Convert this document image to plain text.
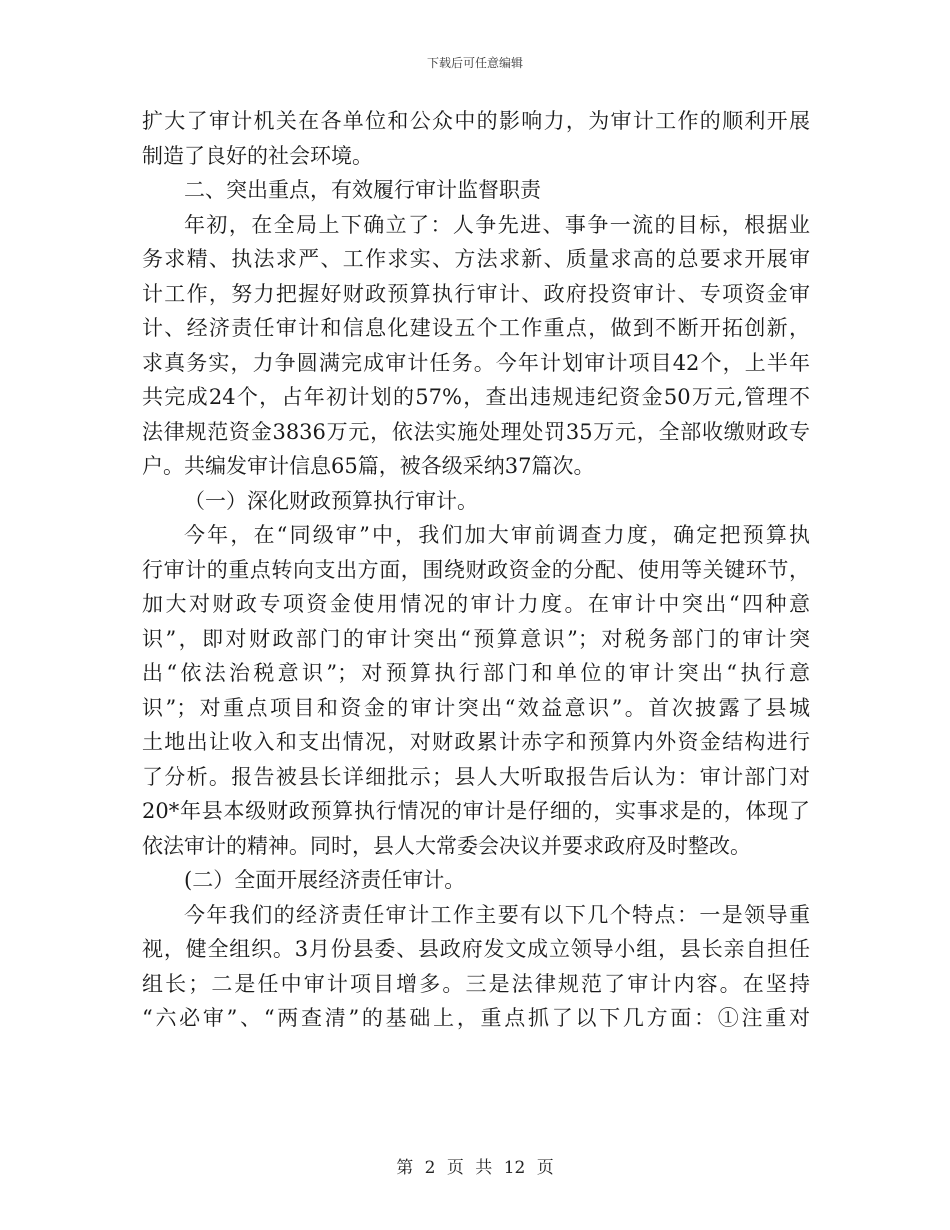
下载后可任意编辑
扩大了审计机关在各单位和公众中的影响力，为审计工作的顺利开展
制造了良好的社会环境。
二、突出重点，有效履行审计监督职责
年初，在全局上下确立了：人争先进、事争一流的目标，根据业
务求精、执法求严、工作求实、方法求新、质量求高的总要求开展审
计工作，努力把握好财政预算执行审计、政府投资审计、专项资金审
计、经济责任审计和信息化建设五个工作重点，做到不断开拓创新，
求真务实，力争圆满完成审计任务。今年计划审计项目42个，上半年
共完成24个，占年初计划的57%，查出违规违纪资金50万元,管理不
法律规范资金3836万元，依法实施处理处罚35万元，全部收缴财政专
户。共编发审计信息65篇，被各级采纳37篇次。
（一）深化财政预算执行审计。
今年，在“同级审”中，我们加大审前调查力度，确定把预算执
行审计的重点转向支出方面，围绕财政资金的分配、使用等关键环节，
加大对财政专项资金使用情况的审计力度。在审计中突出“四种意
识”，即对财政部门的审计突出“预算意识”；对税务部门的审计突
出“依法治税意识”；对预算执行部门和单位的审计突出“执行意
识”；对重点项目和资金的审计突出“效益意识”。首次披露了县城
土地出让收入和支出情况，对财政累计赤字和预算内外资金结构进行
了分析。报告被县长详细批示；县人大听取报告后认为：审计部门对
20*年县本级财政预算执行情况的审计是仔细的，实事求是的，体现了
依法审计的精神。同时，县人大常委会决议并要求政府及时整改。
(二）全面开展经济责任审计。
今年我们的经济责任审计工作主要有以下几个特点：一是领导重
视，健全组织。3月份县委、县政府发文成立领导小组，县长亲自担任
组长；二是任中审计项目增多。三是法律规范了审计内容。在坚持
“六必审”、“两查清”的基础上，重点抓了以下几方面：①注重对
第 2 页 共 12 页
